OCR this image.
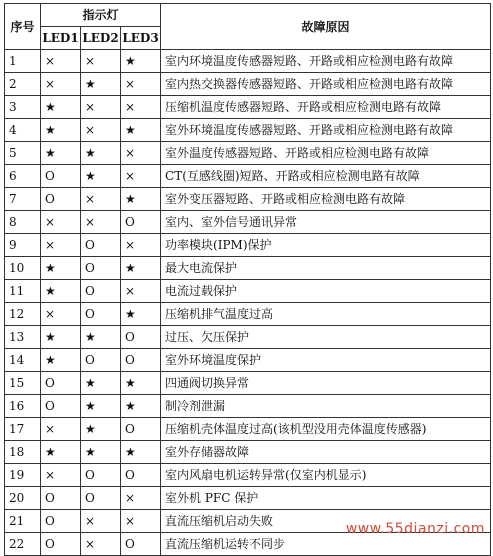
序号	指示灯			故障原因
	LED1	LED2	LED3	
1	×	×	★	室内环境温度传感器短路、开路或相应检测电路有故障
2	×	★	×	室内热交换器传感器短路、开路或相应检测电路有故障
3	★	×	×	压缩机温度传感器短路、开路或相应检测电路有故障
4	★	×	★	室外环境温度传感器短路、开路或相应检测电路有故障
5	★	★	×	室外温度传感器短路、开路或相应检测电路有故障
6	O	★	×	CT(互感线圈)短路、开路或相应检测电路有故障
7	O	×	★	室外变压器短路、开路或相应检测电路有故障
8	×	×	O	室内、室外信号通讯异常
9	×	O	×	功率模块(IPM)保护
10	★	O	★	最大电流保护
11	★	O	×	电流过载保护
12	×	O	★	压缩机排气温度过高
13	★	★	O	过压、欠压保护
14	★	O	O	室外环境温度保护
15	O	★	★	四通阀切换异常
16	O	★	★	制冷剂泄漏
17	×	★	O	压缩机壳体温度过高(该机型没用壳体温度传感器)
18	★	★	★	室外存储器故障
19	×	O	O	室内风扇电机运转异常(仅室内机显示)
20	O	O	×	室外机 PFC 保护
21	O	×	×	直流压缩机启动失败
22	O	×	O	直流压缩机运转不同步
www.55dianzi.com
